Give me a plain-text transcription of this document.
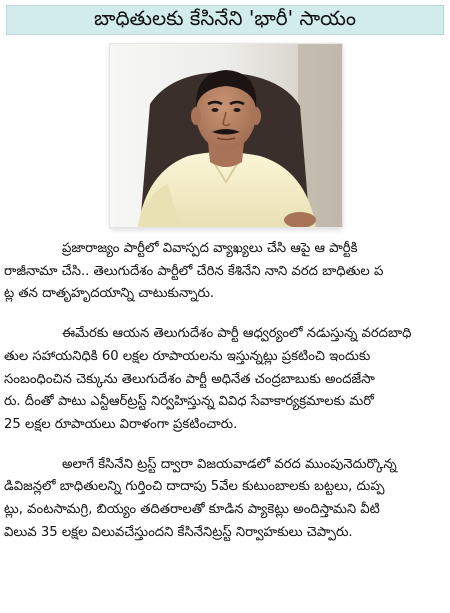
బాధితులకు కేసినేని 'భారీ' సాయం
ప్రజారాజ్యం పార్టీలో వివాస్పద వ్యాఖ్యలు చేసి ఆపై ఆ పార్టీకి
రాజీనామా చేసి.. తెలుగుదేశం పార్టీలో చేరిన కేశినేని నాని వరద బాధితుల ప
ట్ల తన దాతృహృదయాన్ని చాటుకున్నారు.
ఈమేరకు ఆయన తెలుగుదేశం పార్టీ ఆధ్వర్యంలో నడుస్తున్న వరదబాధి
తుల సహాయనిధికి 60 లక్షల రూపాయలను ఇస్తున్నట్లు ప్రకటించి ఇందుకు
సంబంధించిన చెక్కును తెలుగుదేశం పార్టీ అధినేత చంద్రబాబుకు అందజేసా
రు. దీంతో పాటు ఎన్టీఆర్‌ట్రస్ట్ నిర్వహిస్తున్న వివిధ సేవాకార్యక్రమాలకు మరో
25 లక్షల రూపాయలు విరాళంగా ప్రకటించారు.
అలాగే కేసినేని ట్రస్ట్ ద్వారా విజయవాడలో వరద ముంపునెదుర్కొన్న
డివిజన్లలో బాధితులన్ని గుర్తించి దాదాపు 5వేల కుటుంబాలకు బట్టలు, దుప్ప
ట్లు, వంటసామగ్రి, బియ్యం తదితరాలతో కూడిన ప్యాకెట్లు అందిస్తామని వీటి
విలువ 35 లక్షల విలువచేస్తుందని కేసినేనిట్రస్ట్ నిర్వాహకులు చెప్పారు.
